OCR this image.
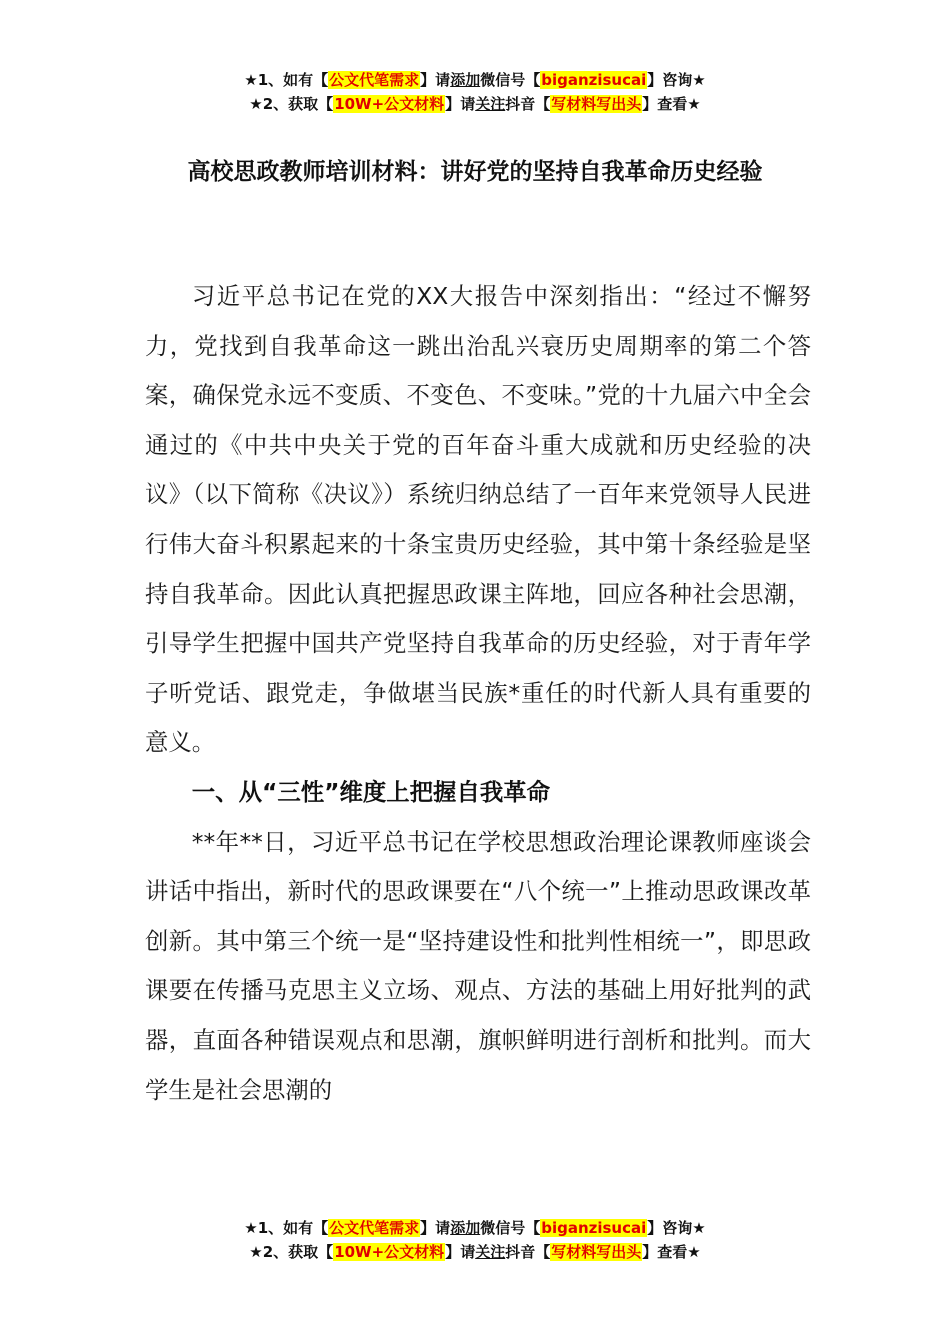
★1、如有【公文代笔需求】请添加微信号【biganzisucai】咨询★
★2、获取【10W+公文材料】请关注抖音【写材料写出头】查看★
高校思政教师培训材料：讲好党的坚持自我革命历史经验

习近平总书记在党的XX大报告中深刻指出：“经过不懈努力，党找到自我革命这一跳出治乱兴衰历史周期率的第二个答案，确保党永远不变质、不变色、不变味。”党的十九届六中全会通过的《中共中央关于党的百年奋斗重大成就和历史经验的决议》（以下简称《决议》）系统归纳总结了一百年来党领导人民进行伟大奋斗积累起来的十条宝贵历史经验，其中第十条经验是坚持自我革命。因此认真把握思政课主阵地，回应各种社会思潮，引导学生把握中国共产党坚持自我革命的历史经验，对于青年学子听党话、跟党走，争做堪当民族*重任的时代新人具有重要的意义。

一、从“三性”维度上把握自我革命

**年**日，习近平总书记在学校思想政治理论课教师座谈会讲话中指出，新时代的思政课要在“八个统一”上推动思政课改革创新。其中第三个统一是“坚持建设性和批判性相统一”，即思政课要在传播马克思主义立场、观点、方法的基础上用好批判的武器，直面各种错误观点和思潮，旗帜鲜明进行剖析和批判。而大学生是社会思潮的

★1、如有【公文代笔需求】请添加微信号【biganzisucai】咨询★
★2、获取【10W+公文材料】请关注抖音【写材料写出头】查看★
